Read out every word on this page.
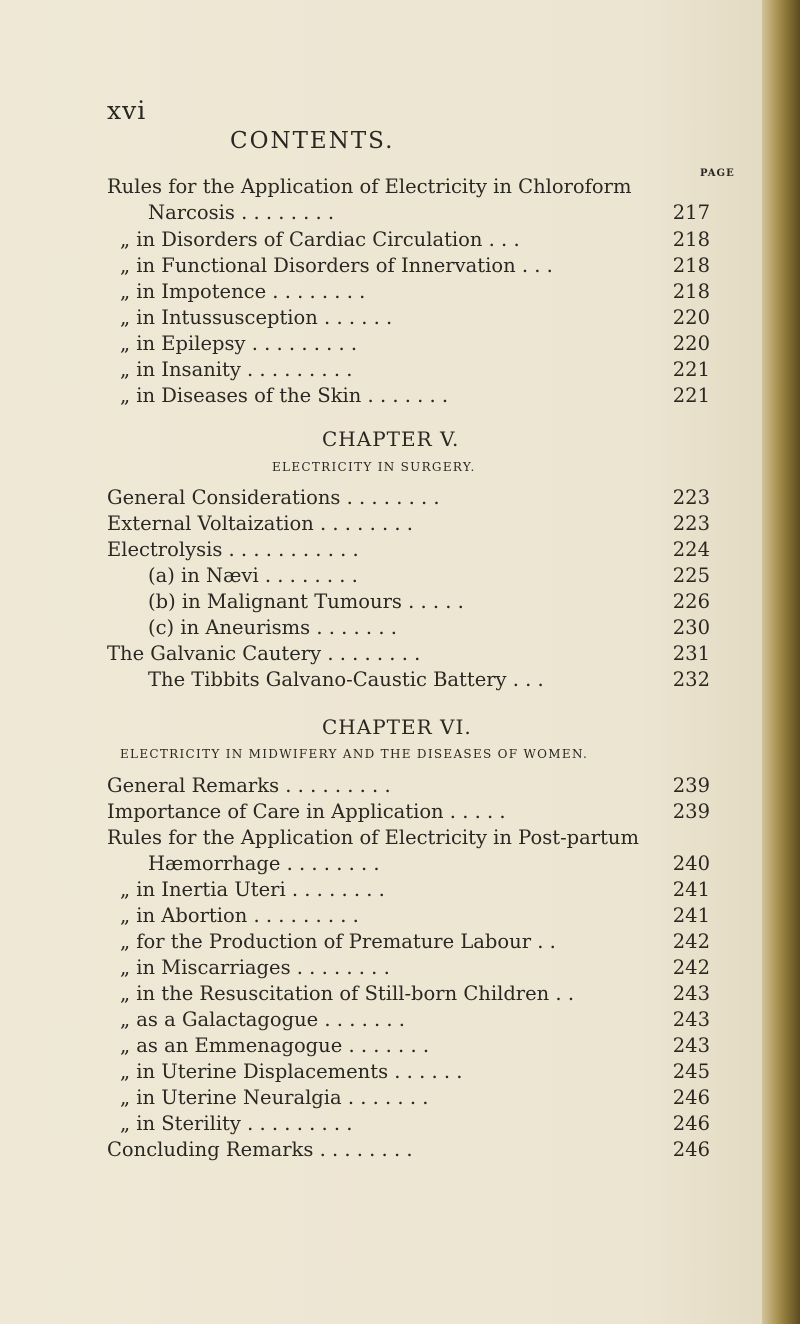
xvi
CONTENTS.
PAGE
Rules for the Application of Electricity in Chloroform
Narcosis . . . . . . . .	217
„ in Disorders of Cardiac Circulation . . .	218
„ in Functional Disorders of Innervation . . .	218
„ in Impotence . . . . . . . .	218
„ in Intussusception . . . . . .	220
„ in Epilepsy . . . . . . . . .	220
„ in Insanity . . . . . . . . .	221
„ in Diseases of the Skin . . . . . . .	221
CHAPTER V.
ELECTRICITY IN SURGERY.
General Considerations . . . . . . . .	223
External Voltaization . . . . . . . .	223
Electrolysis . . . . . . . . . . .	224
(a) in Nævi . . . . . . . .	225
(b) in Malignant Tumours . . . . .	226
(c) in Aneurisms . . . . . . .	230
The Galvanic Cautery . . . . . . . .	231
The Tibbits Galvano-Caustic Battery . . .	232
CHAPTER VI.
ELECTRICITY IN MIDWIFERY AND THE DISEASES OF WOMEN.
General Remarks . . . . . . . . .	239
Importance of Care in Application . . . . .	239
Rules for the Application of Electricity in Post-partum
Hæmorrhage . . . . . . . .	240
„ in Inertia Uteri . . . . . . . .	241
„ in Abortion . . . . . . . . .	241
„ for the Production of Premature Labour . .	242
„ in Miscarriages . . . . . . . .	242
„ in the Resuscitation of Still-born Children . .	243
„ as a Galactagogue . . . . . . .	243
„ as an Emmenagogue . . . . . . .	243
„ in Uterine Displacements . . . . . .	245
„ in Uterine Neuralgia . . . . . . .	246
„ in Sterility . . . . . . . . .	246
Concluding Remarks . . . . . . . .	246
